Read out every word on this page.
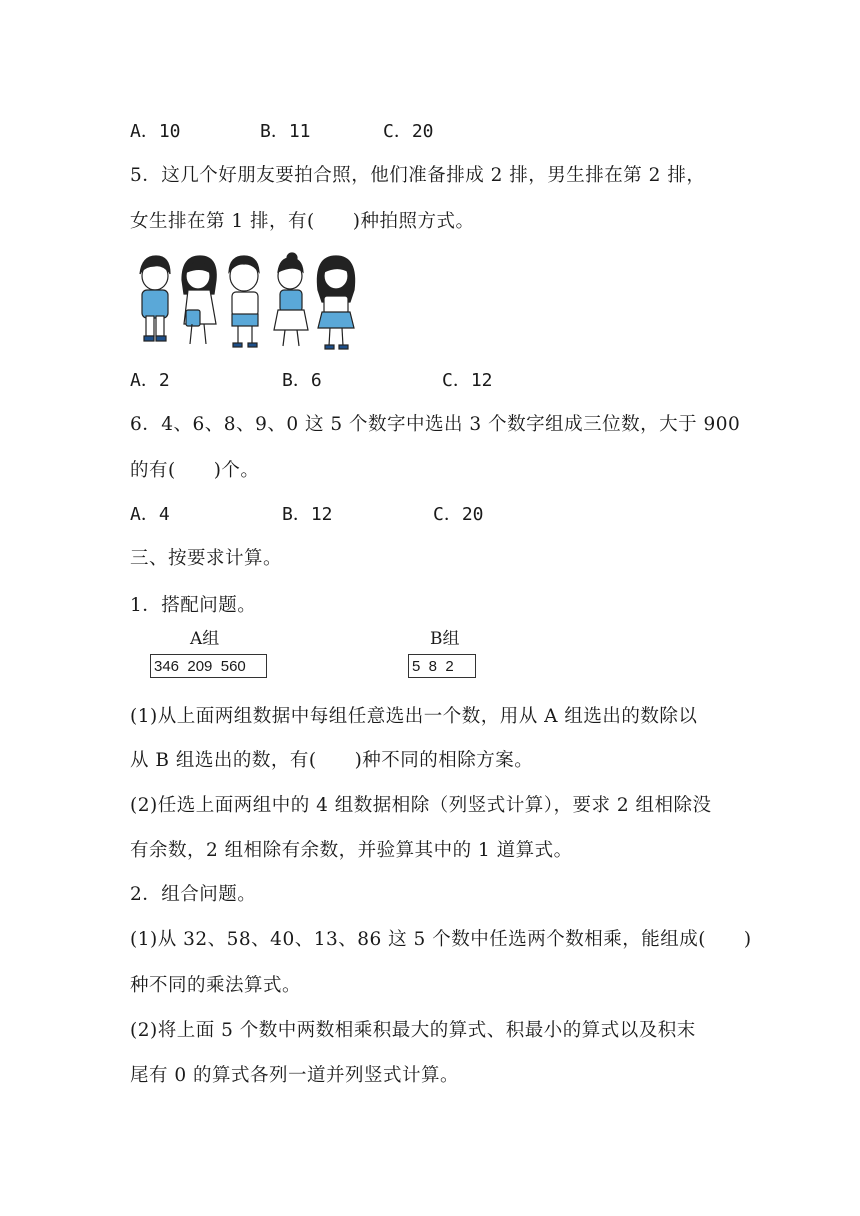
A．10	B．11	C．20
5．这几个好朋友要拍合照，他们准备排成 2 排，男生排在第 2 排，
女生排在第 1 排，有(　　)种拍照方式。
A．2	B．6	C．12
6．4、6、8、9、0 这 5 个数字中选出 3 个数字组成三位数，大于 900
的有(　　)个。
A．4	B．12	C．20
三、按要求计算。
1．搭配问题。
A组	B组
346  209  560	5  8  2
(1)从上面两组数据中每组任意选出一个数，用从 A 组选出的数除以
从 B 组选出的数，有(　　)种不同的相除方案。
(2)任选上面两组中的 4 组数据相除（列竖式计算），要求 2 组相除没
有余数，2 组相除有余数，并验算其中的 1 道算式。
2．组合问题。
(1)从 32、58、40、13、86 这 5 个数中任选两个数相乘，能组成(　　)
种不同的乘法算式。
(2)将上面 5 个数中两数相乘积最大的算式、积最小的算式以及积末
尾有 0 的算式各列一道并列竖式计算。
